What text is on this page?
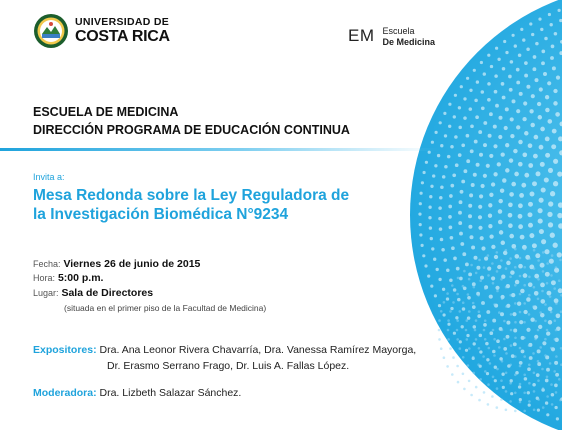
UNIVERSIDAD DE
COSTA RICA	EM Escuela
De Medicina
ESCUELA DE MEDICINA
DIRECCIÓN PROGRAMA DE EDUCACIÓN CONTINUA
Invita a:
Mesa Redonda sobre la Ley Reguladora de
la Investigación Biomédica N°9234
Fecha: Viernes 26 de junio de 2015
Hora: 5:00 p.m.
Lugar: Sala de Directores
(situada en el primer piso de la Facultad de Medicina)
Expositores: Dra. Ana Leonor Rivera Chavarría, Dra. Vanessa Ramírez Mayorga,
Dr. Erasmo Serrano Frago, Dr. Luis A. Fallas López.
Moderadora: Dra. Lizbeth Salazar Sánchez.
